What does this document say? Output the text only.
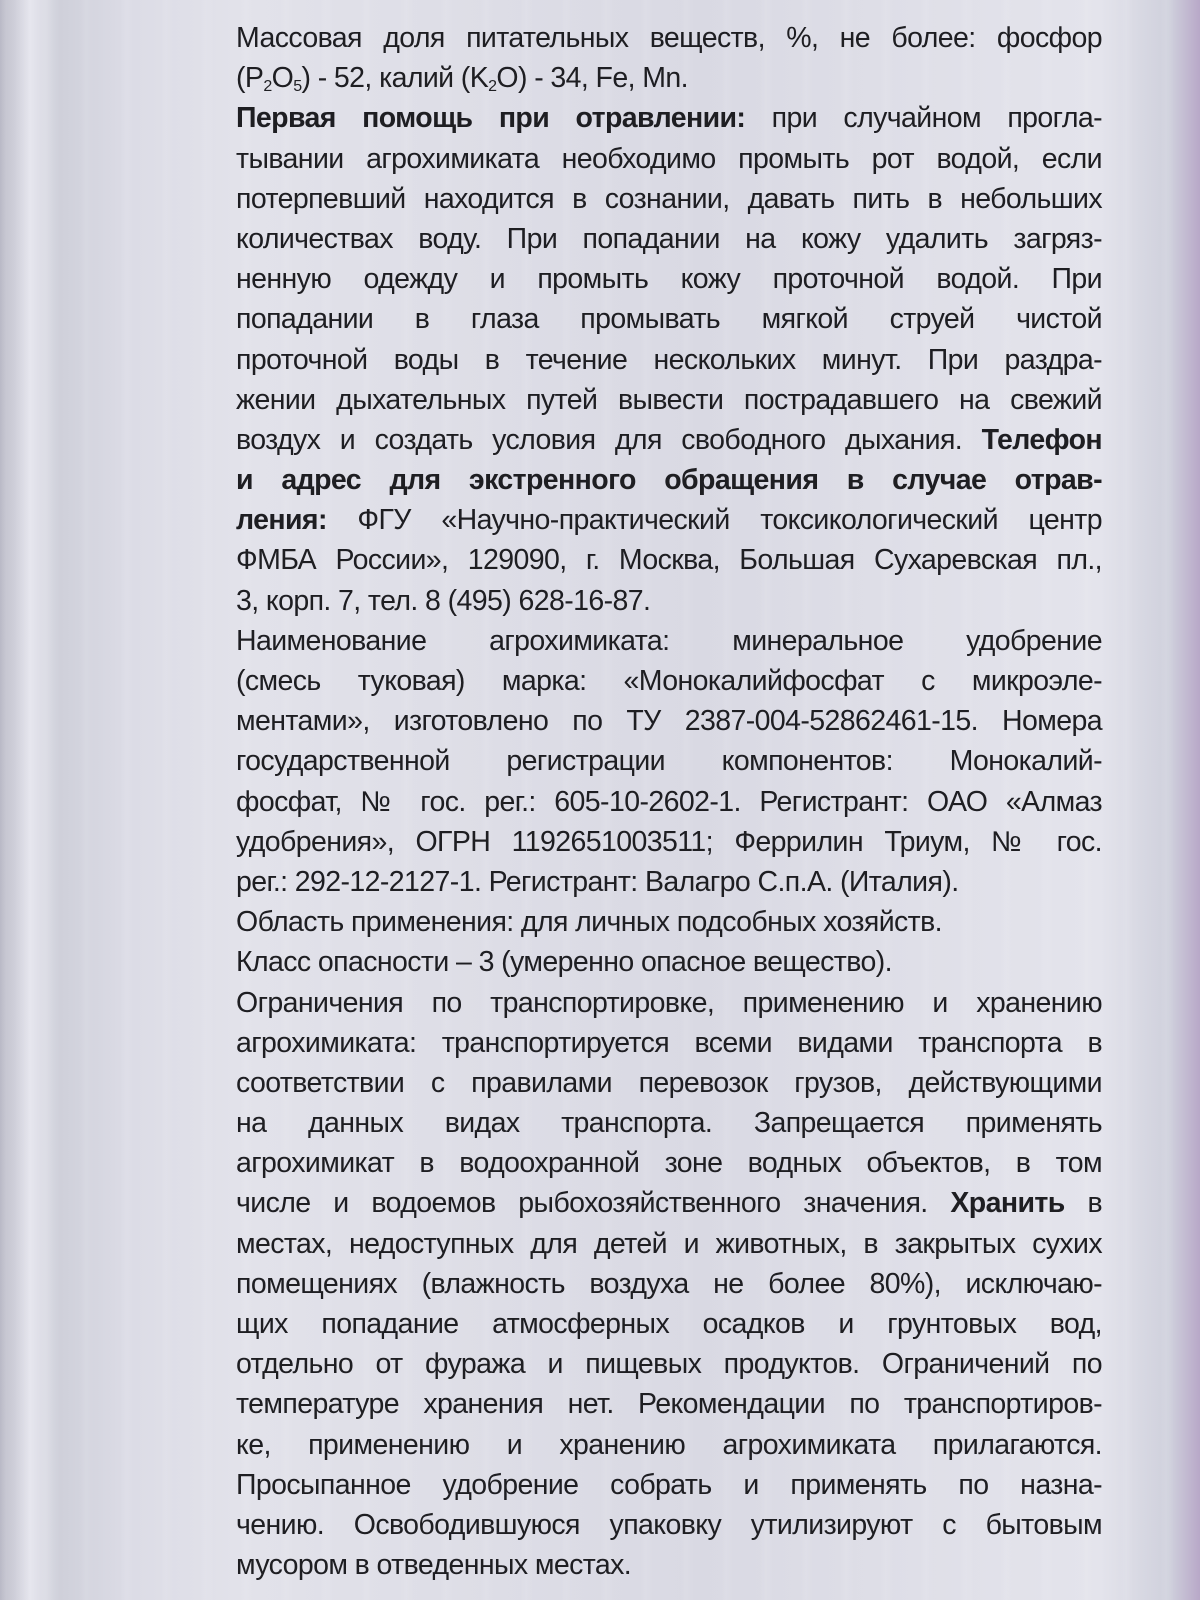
Массовая доля питательных веществ, %, не более: фосфор
$(P_2O_5) - 52$, калий $(K_2O) - 34$, Fe, Mn.
Первая помощь при отравлении: при случайном прогла-
тывании агрохимиката необходимо промыть рот водой, если
потерпевший находится в сознании, давать пить в небольших
количествах воду. При попадании на кожу удалить загряз-
ненную одежду и промыть кожу проточной водой. При
попадании в глаза промывать мягкой струей чистой
проточной воды в течение нескольких минут. При раздра-
жении дыхательных путей вывести пострадавшего на свежий
воздух и создать условия для свободного дыхания. Телефон
и адрес для экстренного обращения в случае отрав-
ления: ФГУ «Научно-практический токсикологический центр
ФМБА России», 129090, г. Москва, Большая Сухаревская пл.,
3, корп. 7, тел. 8 (495) 628-16-87.
Наименование агрохимиката: минеральное удобрение
(смесь туковая) марка: «Монокалийфосфат с микроэле-
ментами», изготовлено по ТУ 2387-004-52862461-15. Номера
государственной регистрации компонентов: Монокалий-
фосфат, № гос. рег.: 605-10-2602-1. Регистрант: ОАО «Алмаз
удобрения», ОГРН 1192651003511; Феррилин Триум, № гос.
рег.: 292-12-2127-1. Регистрант: Валагро С.п.А. (Италия).
Область применения: для личных подсобных хозяйств.
Класс опасности – 3 (умеренно опасное вещество).
Ограничения по транспортировке, применению и хранению
агрохимиката: транспортируется всеми видами транспорта в
соответствии с правилами перевозок грузов, действующими
на данных видах транспорта. Запрещается применять
агрохимикат в водоохранной зоне водных объектов, в том
числе и водоемов рыбохозяйственного значения. Хранить в
местах, недоступных для детей и животных, в закрытых сухих
помещениях (влажность воздуха не более 80%), исключаю-
щих попадание атмосферных осадков и грунтовых вод,
отдельно от фуража и пищевых продуктов. Ограничений по
температуре хранения нет. Рекомендации по транспортиров-
ке, применению и хранению агрохимиката прилагаются.
Просыпанное удобрение собрать и применять по назна-
чению. Освободившуюся упаковку утилизируют с бытовым
мусором в отведенных местах.
